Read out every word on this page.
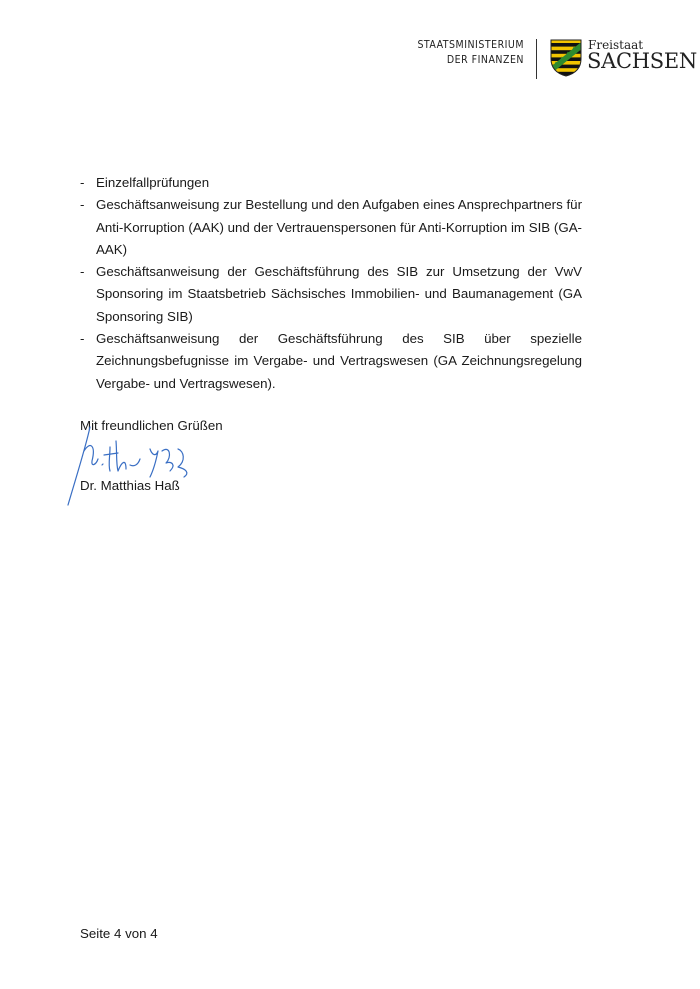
STAATSMINISTERIUM
DER FINANZEN
Freistaat
SACHSEN
- Einzelfallprüfungen
- Geschäftsanweisung zur Bestellung und den Aufgaben eines Ansprechpartners für Anti-Korruption (AAK) und der Vertrauenspersonen für Anti-Korruption im SIB (GA-AAK)
- Geschäftsanweisung der Geschäftsführung des SIB zur Umsetzung der VwV Sponsoring im Staatsbetrieb Sächsisches Immobilien- und Baumanagement (GA Sponsoring SIB)
- Geschäftsanweisung der Geschäftsführung des SIB über spezielle Zeichnungsbefugnisse im Vergabe- und Vertragswesen (GA Zeichnungsregelung Vergabe- und Vertragswesen).
Mit freundlichen Grüßen
Dr. Matthias Haß
Seite 4 von 4
